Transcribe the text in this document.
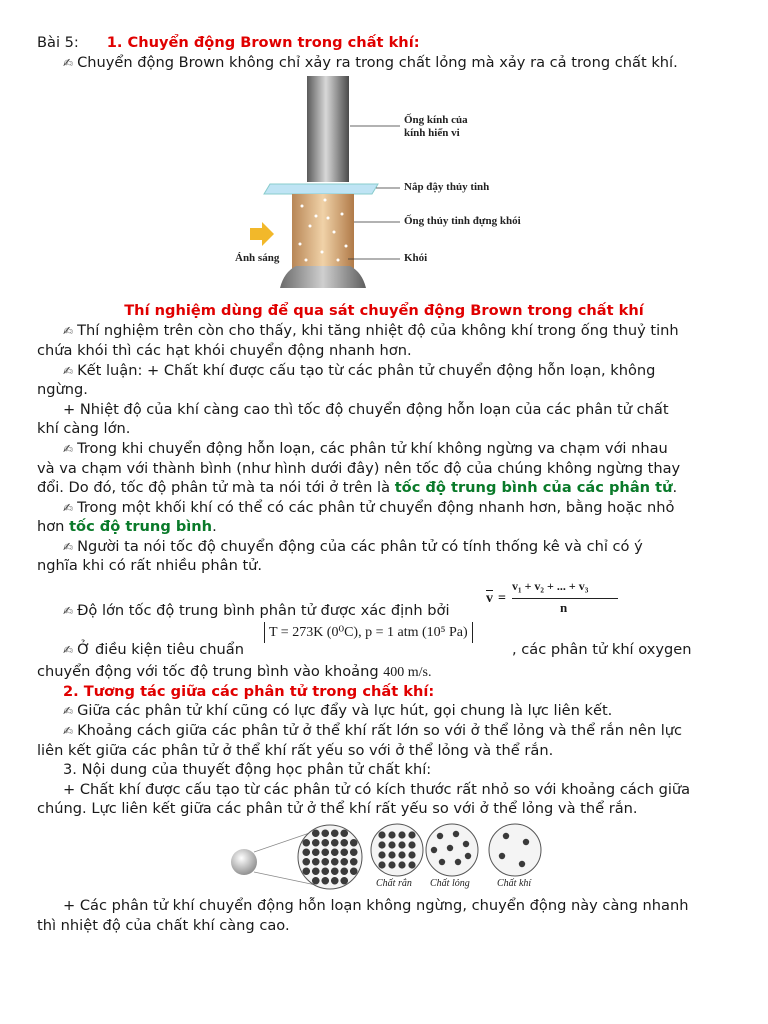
Bài 5: 1. Chuyển động Brown trong chất khí:
✍ Chuyển động Brown không chỉ xảy ra trong chất lỏng mà xảy ra cả trong chất khí.
Ống kính của
kính hiển vi
Nắp đậy thủy tinh
Ống thủy tinh đựng khói
Ánh sáng	Khói
Thí nghiệm dùng để qua sát chuyển động Brown trong chất khí
✍ Thí nghiệm trên còn cho thấy, khi tăng nhiệt độ của không khí trong ống thuỷ tinh
chứa khói thì các hạt khói chuyển động nhanh hơn.
✍ Kết luận: + Chất khí được cấu tạo từ các phân tử chuyển động hỗn loạn, không
ngừng.
+ Nhiệt độ của khí càng cao thì tốc độ chuyển động hỗn loạn của các phân tử chất
khí càng lớn.
✍ Trong khi chuyển động hỗn loạn, các phân tử khí không ngừng va chạm với nhau
và va chạm với thành bình (như hình dưới đây) nên tốc độ của chúng không ngừng thay
đổi. Do đó, tốc độ phân tử mà ta nói tới ở trên là tốc độ trung bình của các phân tử.
✍ Trong một khối khí có thể có các phân tử chuyển động nhanh hơn, bằng hoặc nhỏ
hơn tốc độ trung bình.
✍ Người ta nói tốc độ chuyển động của các phân tử có tính thống kê và chỉ có ý
nghĩa khi có rất nhiều phân tử.
✍ Độ lớn tốc độ trung bình phân tử được xác định bởi
$\overline{v}$ =
v₁ + v₂ + ... + v₃
n
✍ Ở điều kiện tiêu chuẩn
T = 273K (0⁰C), p = 1 atm (10⁵ Pa)
, các phân tử khí oxygen
chuyển động với tốc độ trung bình vào khoảng 400 m/s.
2. Tương tác giữa các phân tử trong chất khí:
✍ Giữa các phân tử khí cũng có lực đẩy và lực hút, gọi chung là lực liên kết.
✍ Khoảng cách giữa các phân tử ở thể khí rất lớn so với ở thể lỏng và thể rắn nên lực
liên kết giữa các phân tử ở thể khí rất yếu so với ở thể lỏng và thể rắn.
3. Nội dung của thuyết động học phân tử chất khí:
+ Chất khí được cấu tạo từ các phân tử có kích thước rất nhỏ so với khoảng cách giữa
chúng. Lực liên kết giữa các phân tử ở thể khí rất yếu so với ở thể lỏng và thể rắn.
Chất rắn Chất lỏng	Chất khí
+ Các phân tử khí chuyển động hỗn loạn không ngừng, chuyển động này càng nhanh
thì nhiệt độ của chất khí càng cao.
